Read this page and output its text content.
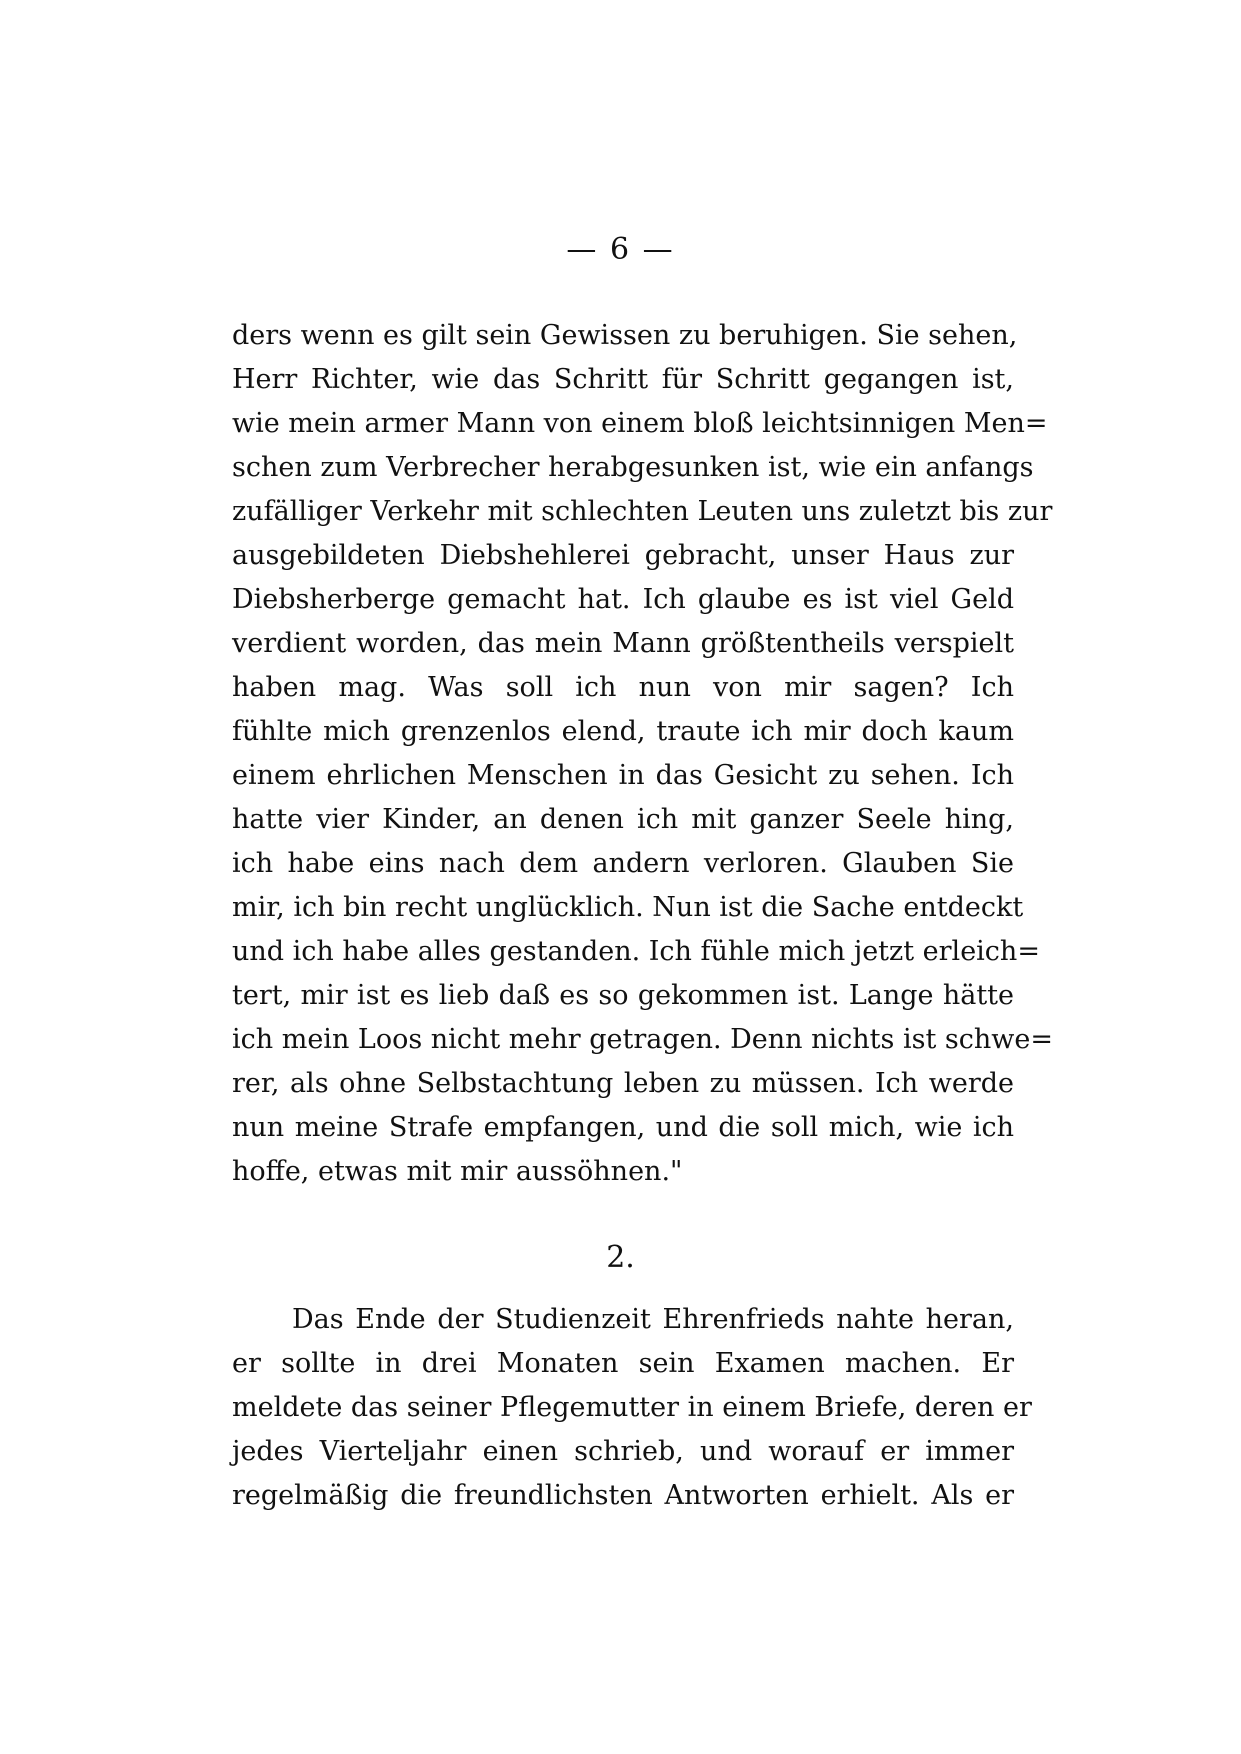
— 6 —
ders wenn es gilt sein Gewissen zu beruhigen. Sie sehen,
Herr Richter, wie das Schritt für Schritt gegangen ist,
wie mein armer Mann von einem bloß leichtsinnigen Men=
schen zum Verbrecher herabgesunken ist, wie ein anfangs
zufälliger Verkehr mit schlechten Leuten uns zuletzt bis zur
ausgebildeten Diebshehlerei gebracht, unser Haus zur
Diebsherberge gemacht hat. Ich glaube es ist viel Geld
verdient worden, das mein Mann größtentheils verspielt
haben mag. Was soll ich nun von mir sagen? Ich
fühlte mich grenzenlos elend, traute ich mir doch kaum
einem ehrlichen Menschen in das Gesicht zu sehen. Ich
hatte vier Kinder, an denen ich mit ganzer Seele hing,
ich habe eins nach dem andern verloren. Glauben Sie
mir, ich bin recht unglücklich. Nun ist die Sache entdeckt
und ich habe alles gestanden. Ich fühle mich jetzt erleich=
tert, mir ist es lieb daß es so gekommen ist. Lange hätte
ich mein Loos nicht mehr getragen. Denn nichts ist schwe=
rer, als ohne Selbstachtung leben zu müssen. Ich werde
nun meine Strafe empfangen, und die soll mich, wie ich
hoffe, etwas mit mir aussöhnen."
2.
Das Ende der Studienzeit Ehrenfrieds nahte heran,
er sollte in drei Monaten sein Examen machen. Er
meldete das seiner Pflegemutter in einem Briefe, deren er
jedes Vierteljahr einen schrieb, und worauf er immer
regelmäßig die freundlichsten Antworten erhielt. Als er
